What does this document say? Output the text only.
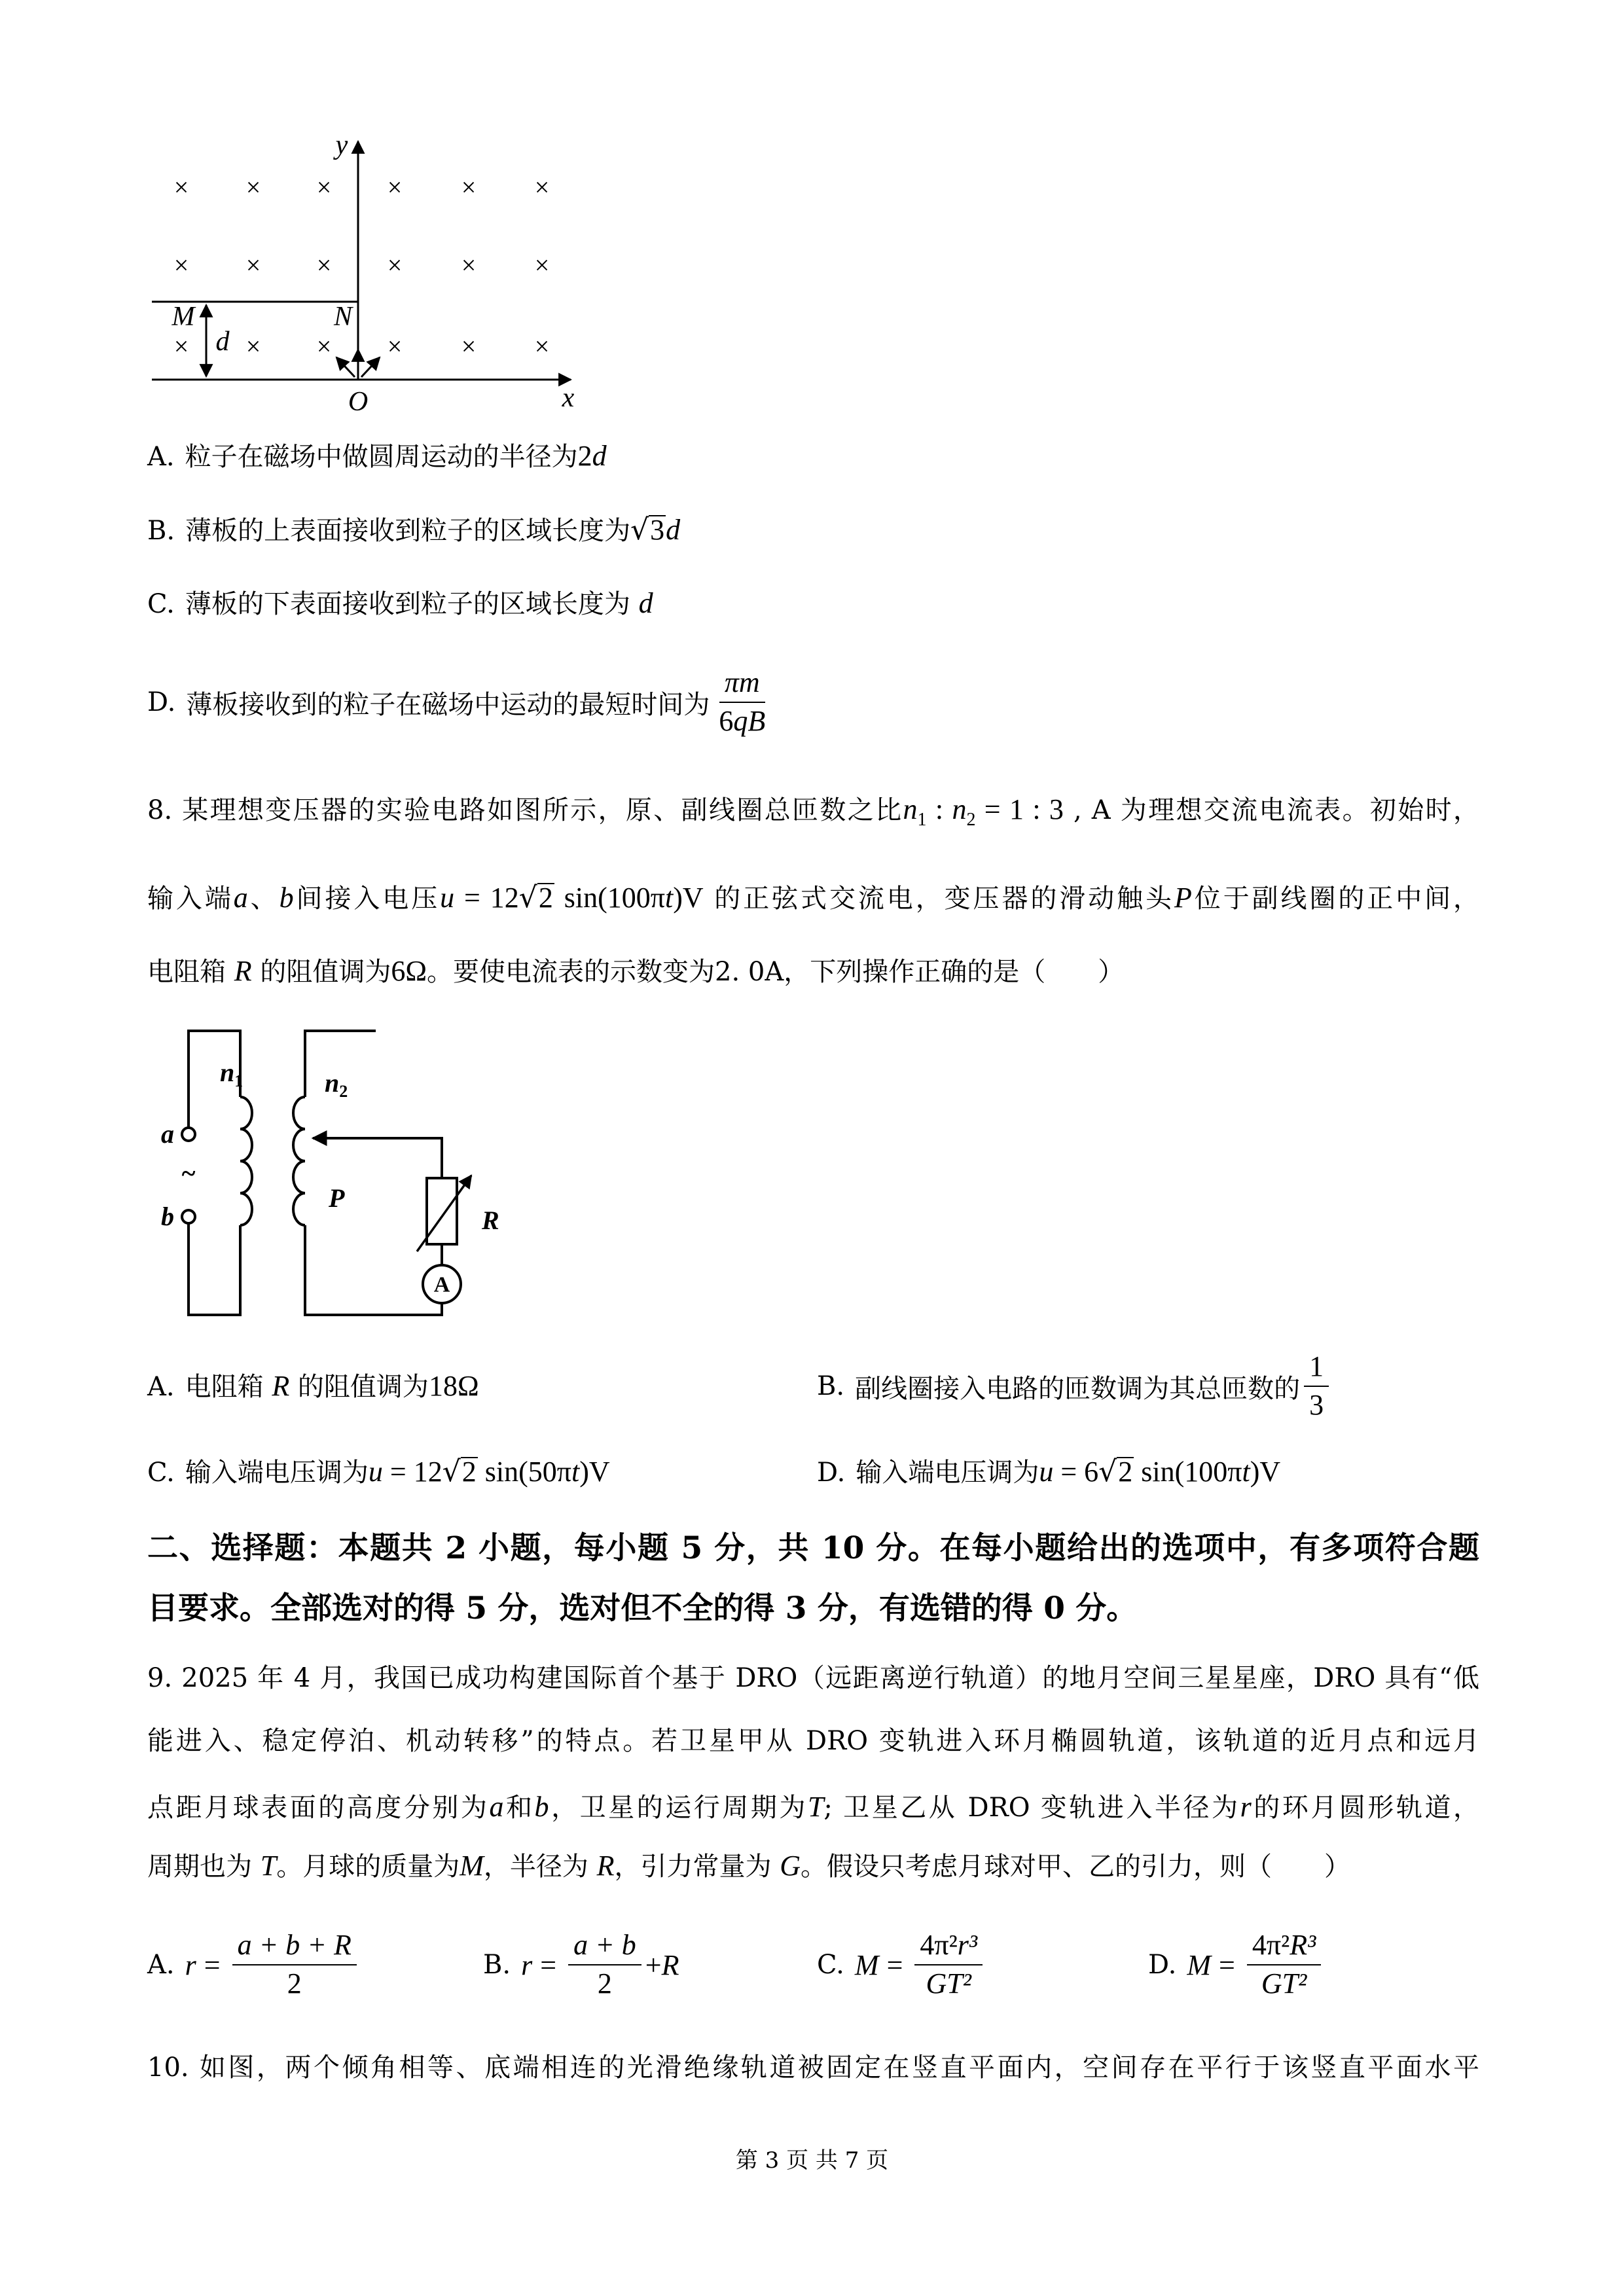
× × × × × ×
× × × × × ×
× × × × × ×
y
M	N
d
O	x
A. 粒子在磁场中做圆周运动的半径为2d
B. 薄板的上表面接收到粒子的区域长度为√3d
C. 薄板的下表面接收到粒子的区域长度为 d
D. 薄板接收到的粒子在磁场中运动的最短时间为 $\frac{\pi m}{6qB}$
8. 某理想变压器的实验电路如图所示，原、副线圈总匝数之比$n_1$ : $n_2 = 1$ : 3 , A 为理想交流电流表。初始时，
输入端a、b间接入电压u = 12√2 sin(100πt)V 的正弦式交流电，变压器的滑动触头P位于副线圈的正中间，
电阻箱 R 的阻值调为6Ω。要使电流表的示数变为2. 0A，下列操作正确的是（　　）
a
b
~
$n_1$	$n_2$
P
R
A
A. 电阻箱 R 的阻值调为18Ω	B. 副线圈接入电路的匝数调为其总匝数的 $\frac{1}{3}$
C. 输入端电压调为u = 12√2 sin(50πt)V	D. 输入端电压调为u = 6√2 sin(100πt)V
二、选择题：本题共 2 小题，每小题 5 分，共 10 分。在每小题给出的选项中，有多项符合题
目要求。全部选对的得 5 分，选对但不全的得 3 分，有选错的得 0 分。
9. 2025 年 4 月，我国已成功构建国际首个基于 DRO（远距离逆行轨道）的地月空间三星星座，DRO 具有“低
能进入、稳定停泊、机动转移”的特点。若卫星甲从 DRO 变轨进入环月椭圆轨道，该轨道的近月点和远月
点距月球表面的高度分别为a和b，卫星的运行周期为T; 卫星乙从 DRO 变轨进入半径为r的环月圆形轨道，
周期也为 T。月球的质量为M，半径为 R，引力常量为 G。假设只考虑月球对甲、乙的引力，则（　　）
A. $r = \frac{a + b + R}{2}$	B. $r = \frac{a + b}{2} + R$	C. $M = \frac{\text{4π²r³}}{\text{GT²}}$	D. $M = \frac{\text{4π²R³}}{\text{GT²}}$
10. 如图，两个倾角相等、底端相连的光滑绝缘轨道被固定在竖直平面内，空间存在平行于该竖直平面水平
第 3 页 共 7 页
